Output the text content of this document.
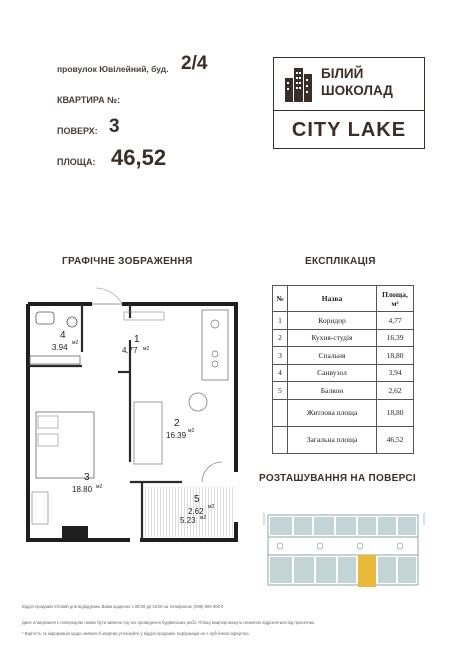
провулок Ювілейний, буд. 2/4
КВАРТИРА №:
ПОВЕРХ: 3
ПЛОЩА: 46,52
БІЛИЙ
ШОКОЛАД
CITY LAKE
ГРАФІЧНЕ ЗОБРАЖЕННЯ	ЕКСПЛІКАЦІЯ
РОЗТАШУВАННЯ НА ПОВЕРСІ
1
4.77 м2
2
16.39 м2
3
18.80 м2
4
3.94 м2
5
2.62 м2
5.23 м2
№	Назва	Площа, м²
1	Коридор	4,77
2	Кухня-студія	16,39
3	Спальня	18,80
4	Санвузол	3,94
5	Балкон	2,62
	Житлова площа	18,80
	Загальна площа	46,52
Відділ продажів готовий для відвідувань Вами щоденно з 09:00 до 19:00 за телефоном: (096) 900 900 0
Дане планування є попереднім і може бути змінене під час проведення будівельних робіт. Площі квартир можуть незначно відрізнятися від проектних.
* Вартість та інформація щодо наявності квартир уточнюйте у відділі продажів. Інформація не є публічною офертою.
